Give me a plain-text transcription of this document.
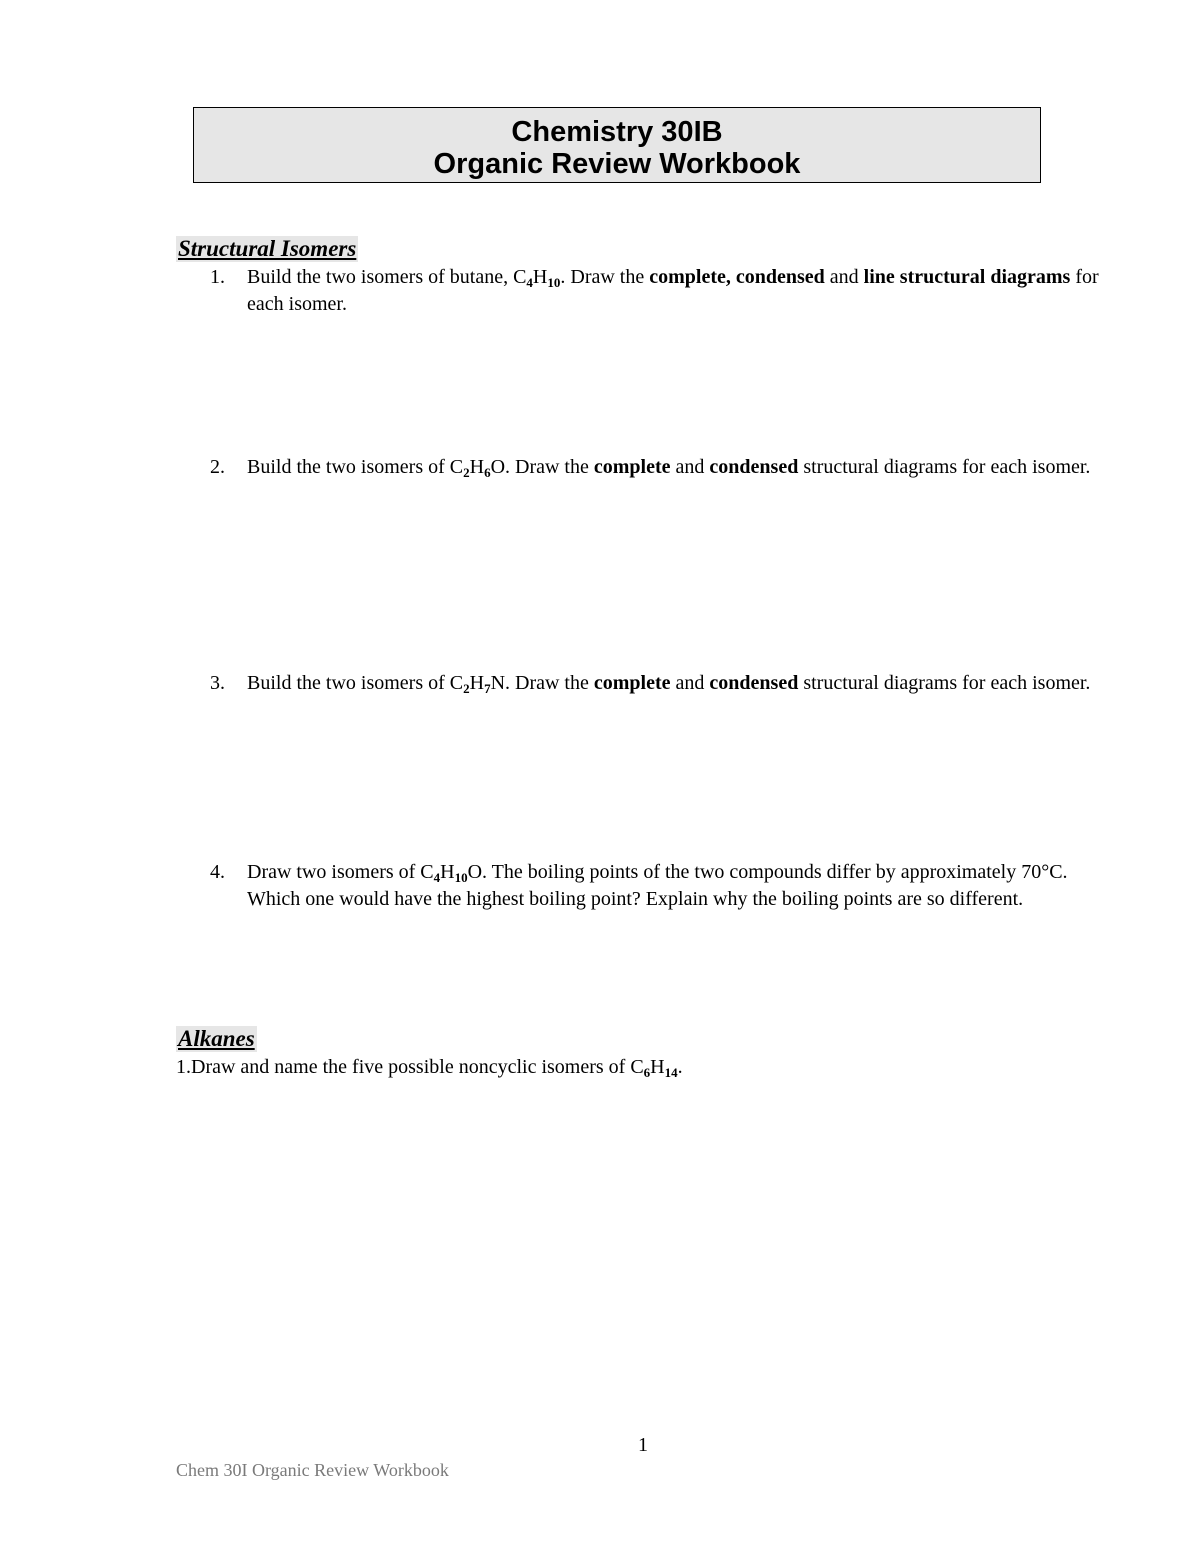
Chemistry 30IB
Organic Review Workbook
Structural Isomers
1. Build the two isomers of butane, $C_4H_{10}$. Draw the complete, condensed and line structural diagrams for each isomer.
2. Build the two isomers of $C_2H_6O$. Draw the complete and condensed structural diagrams for each isomer.
3. Build the two isomers of $C_2H_7N$. Draw the complete and condensed structural diagrams for each isomer.
4. Draw two isomers of $C_4H_{10}O$. The boiling points of the two compounds differ by approximately 70°C. Which one would have the highest boiling point? Explain why the boiling points are so different.
Alkanes
1.Draw and name the five possible noncyclic isomers of $C_6H_{14}$.
1
Chem 30I Organic Review Workbook
